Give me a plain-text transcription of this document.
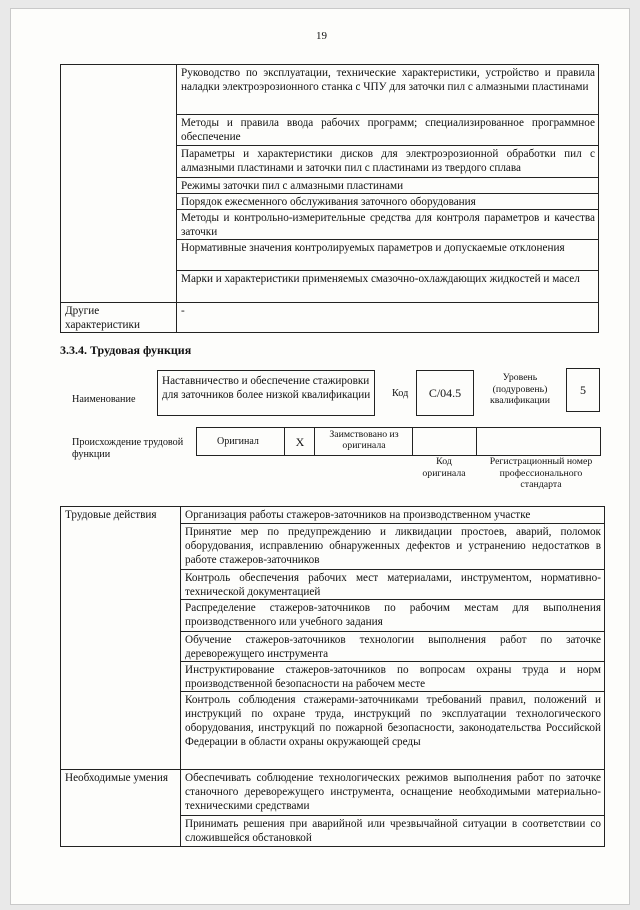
19
	Руководство по эксплуатации, технические характеристики, устройство и правила наладки электроэрозионного станка с ЧПУ для заточки пил с алмазными пластинами
	Методы и правила ввода рабочих программ; специализированное программное обеспечение
	Параметры и характеристики дисков для электроэрозионной обработки пил с алмазными пластинами и заточки пил с пластинами из твердого сплава
	Режимы заточки пил с алмазными пластинами
	Порядок ежесменного обслуживания заточного оборудования
	Методы и контрольно-измерительные средства для контроля параметров и качества заточки
	Нормативные значения контролируемых параметров и допускаемые отклонения
	Марки и характеристики применяемых смазочно-охлаждающих жидкостей и масел
Другие характеристики	-
3.3.4. Трудовая функция
Наименование
Наставничество и обеспечение стажировки для заточников более низкой квалификации	Код	C/04.5
Уровень (подуровень) квалификации
5
Происхождение трудовой функции
Оригинал	X	Заимствовано из оригинала		
Код оригинала
Регистрационный номер профессионального стандарта
Трудовые действия	Организация работы стажеров-заточников на производственном участке
	Принятие мер по предупреждению и ликвидации простоев, аварий, поломок оборудования, исправлению обнаруженных дефектов и устранению недостатков в работе стажеров-заточников
	Контроль обеспечения рабочих мест материалами, инструментом, нормативно-технической документацией
	Распределение стажеров-заточников по рабочим местам для выполнения производственного или учебного задания
	Обучение стажеров-заточников технологии выполнения работ по заточке дереворежущего инструмента
	Инструктирование стажеров-заточников по вопросам охраны труда и норм производственной безопасности на рабочем месте
	Контроль соблюдения стажерами-заточниками требований правил, положений и инструкций по охране труда, инструкций по эксплуатации технологического оборудования, инструкций по пожарной безопасности, законодательства Российской Федерации в области охраны окружающей среды
Необходимые умения	Обеспечивать соблюдение технологических режимов выполнения работ по заточке станочного дереворежущего инструмента, оснащение необходимыми материально-техническими средствами
	Принимать решения при аварийной или чрезвычайной ситуации в соответствии со сложившейся обстановкой
